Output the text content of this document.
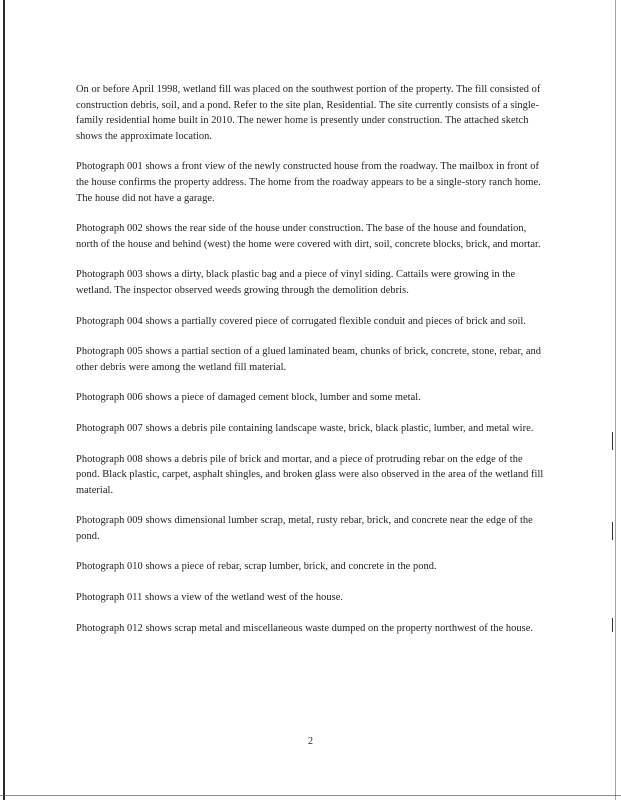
On or before April 1998, wetland fill was placed on the southwest portion of the property. The fill consisted of construction debris, soil, and a pond. Refer to the site plan, Residential. The site currently consists of a single-family residential home built in 2010. The newer home is presently under construction. The attached sketch shows the approximate location.

Photograph 001 shows a front view of the newly constructed house from the roadway. The mailbox in front of the house confirms the property address. The home from the roadway appears to be a single-story ranch home. The house did not have a garage.

Photograph 002 shows the rear side of the house under construction. The base of the house and foundation, north of the house and behind (west) the home were covered with dirt, soil, concrete blocks, brick, and mortar.

Photograph 003 shows a dirty, black plastic bag and a piece of vinyl siding. Cattails were growing in the wetland. The inspector observed weeds growing through the demolition debris.

Photograph 004 shows a partially covered piece of corrugated flexible conduit and pieces of brick and soil.

Photograph 005 shows a partial section of a glued laminated beam, chunks of brick, concrete, stone, rebar, and other debris were among the wetland fill material.

Photograph 006 shows a piece of damaged cement block, lumber and some metal.

Photograph 007 shows a debris pile containing landscape waste, brick, black plastic, lumber, and metal wire.

Photograph 008 shows a debris pile of brick and mortar, and a piece of protruding rebar on the edge of the pond. Black plastic, carpet, asphalt shingles, and broken glass were also observed in the area of the wetland fill material.

Photograph 009 shows dimensional lumber scrap, metal, rusty rebar, brick, and concrete near the edge of the pond.

Photograph 010 shows a piece of rebar, scrap lumber, brick, and concrete in the pond.

Photograph 011 shows a view of the wetland west of the house.

Photograph 012 shows scrap metal and miscellaneous waste dumped on the property northwest of the house.

2
